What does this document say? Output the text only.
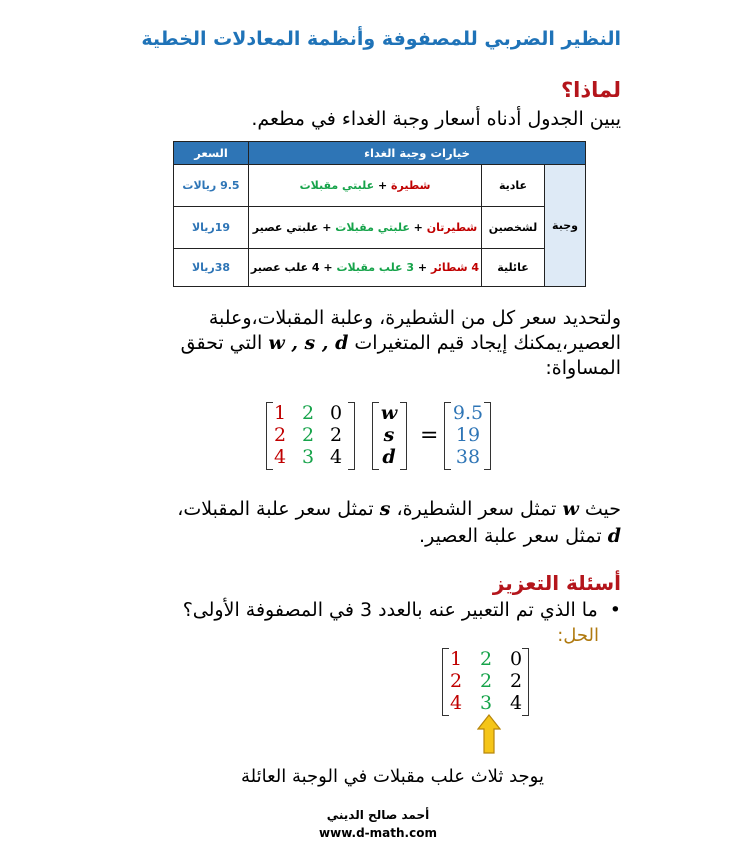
النظير الضربي للمصفوفة وأنظمة المعادلات الخطية
لماذا؟
يبين الجدول أدناه أسعار وجبة الغداء في مطعم.
خيارات وجبة الغداء			السعر
وجبة	عادية	شطيرة + علبتي مقبلات	9.5 ريالات
	لشخصين	شطيرتان + علبتي مقبلات + علبتي عصير	19ريالا
	عائلية	4 شطائر + 3 علب مقبلات + 4 علب عصير	38ريالا
ولتحديد سعر كل من الشطيرة، وعلبة المقبلات،وعلبة
العصير،يمكنك إيجاد قيم المتغيرات w , s , d التي تحقق
المساواة:
1 2 0
2 2 2
4 3 4
w
s
d
=
9.5
19
38
حيث w تمثل سعر الشطيرة، s تمثل سعر علبة المقبلات،
d تمثل سعر علبة العصير.
أسئلة التعزيز
•ما الذي تم التعبير عنه بالعدد 3 في المصفوفة الأولى؟
الحل:
1 2 0
2 2 2
4 3 4
يوجد ثلاث علب مقبلات في الوجبة العائلة
أحمد صالح الديني
www.d-math.com
